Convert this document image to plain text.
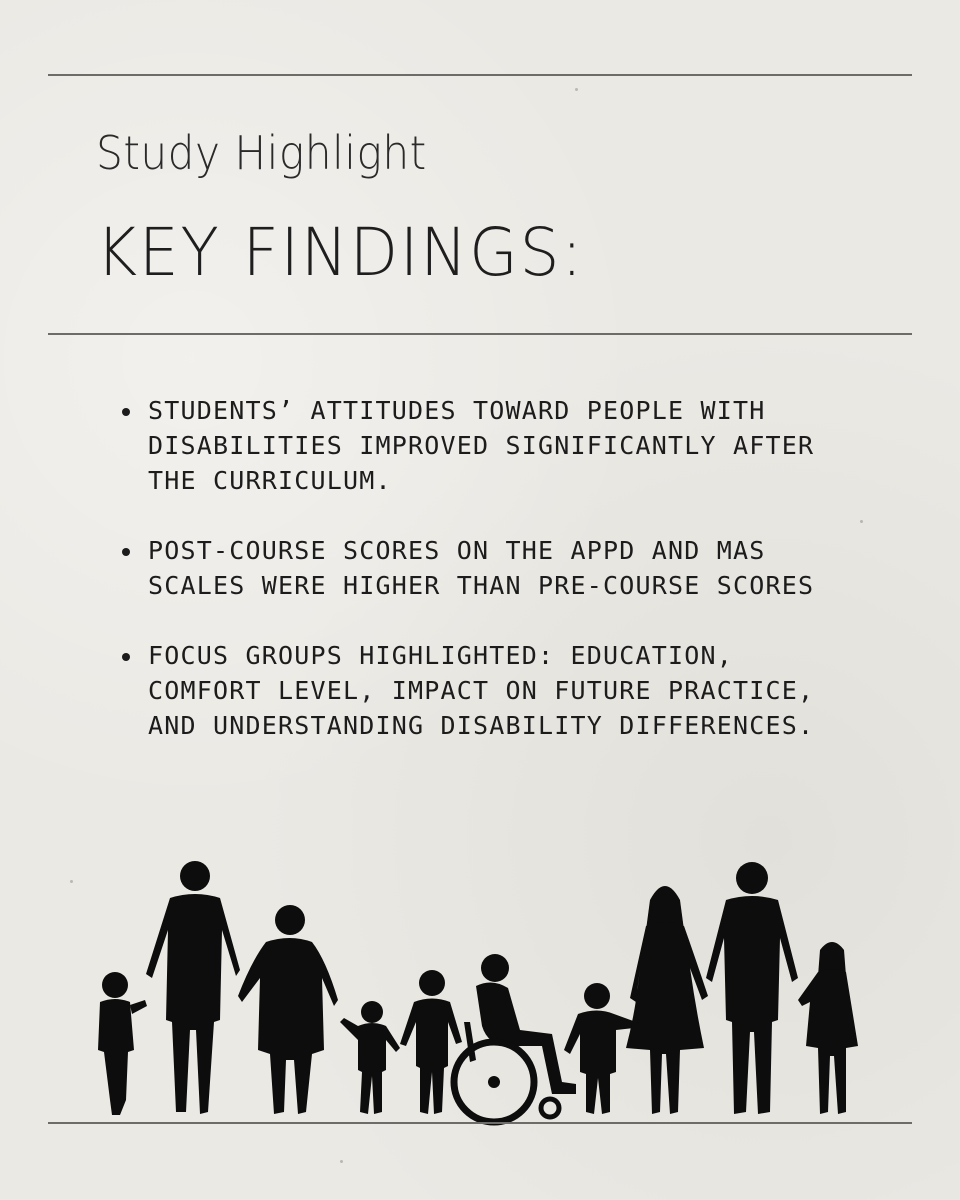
Study Highlight
KEY FINDINGS:
STUDENTS’ ATTITUDES TOWARD PEOPLE WITH DISABILITIES IMPROVED SIGNIFICANTLY AFTER THE CURRICULUM.
POST-COURSE SCORES ON THE APPD AND MAS SCALES WERE HIGHER THAN PRE-COURSE SCORES
FOCUS GROUPS HIGHLIGHTED: EDUCATION, COMFORT LEVEL, IMPACT ON FUTURE PRACTICE, AND UNDERSTANDING DISABILITY DIFFERENCES.
